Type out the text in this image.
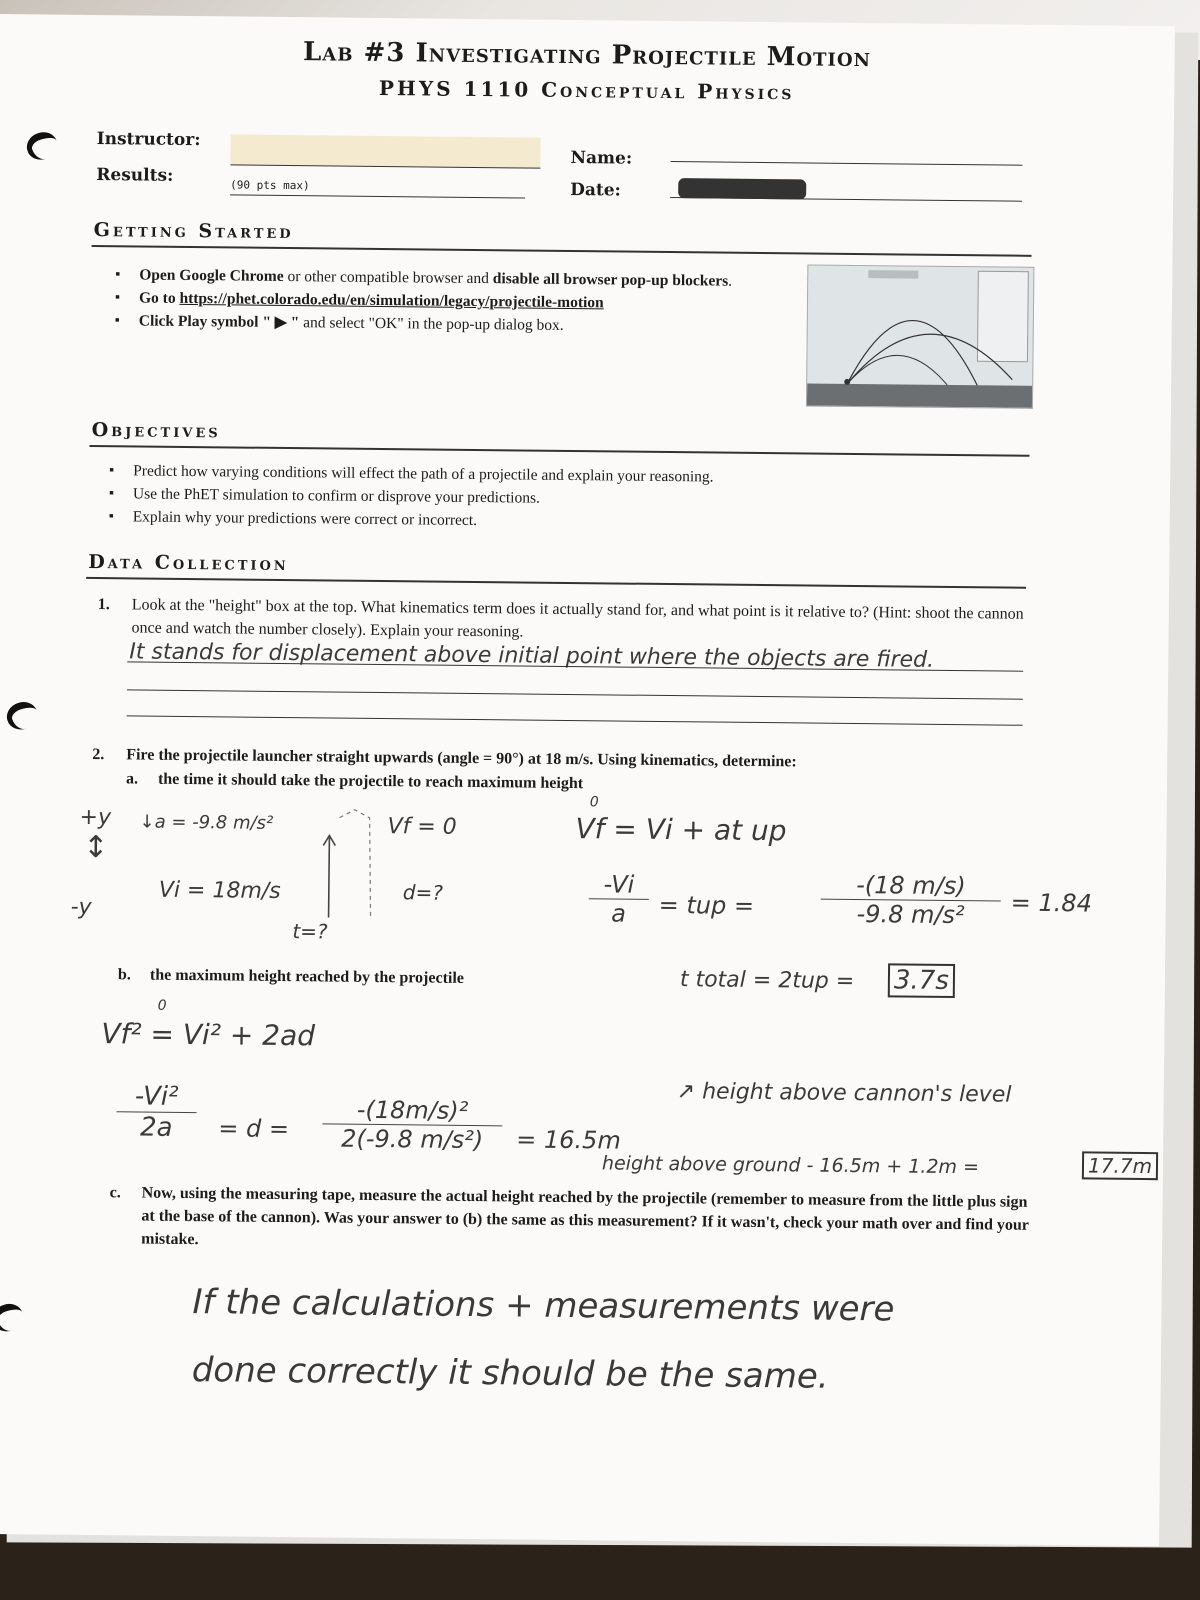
Lab #3 Investigating Projectile Motion
PHYS 1110 Conceptual Physics
Instructor:
Results:	(90 pts max)
Name:
Date:
Getting Started
▪ Open Google Chrome or other compatible browser and disable all browser pop-up blockers.
▪ Go to https://phet.colorado.edu/en/simulation/legacy/projectile-motion
▪ Click Play symbol " ▶ " and select "OK" in the pop-up dialog box.
Objectives
▪ Predict how varying conditions will effect the path of a projectile and explain your reasoning.
▪ Use the PhET simulation to confirm or disprove your predictions.
▪ Explain why your predictions were correct or incorrect.
Data Collection
1. Look at the "height" box at the top. What kinematics term does it actually stand for, and what point is it relative to? (Hint: shoot the cannon once and watch the number closely). Explain your reasoning.
It stands for displacement above initial point where the objects are fired.
2. Fire the projectile launcher straight upwards (angle = 90°) at 18 m/s. Using kinematics, determine:
a. the time it should take the projectile to reach maximum height
+y
↕
-y
↓a = -9.8 m/s²	Vf = 0
Vi = 18m/s	d=?
t=?
Vf = Vi + at up
0
$\frac{-Vi}{a}$ = tup =	$\frac{-(18 m/s)}{\text{-9.8 m/s²}} = 1.84$
b. the maximum height reached by the projectile	t total = 2tup = 3.7s
Vf² = Vi² + 2ad
0
$\frac{\text{-Vi²}}{2a} = d = \frac{\text{-(18m/s)²}}{\text{2(-9.8 m/s²)}} = 16.5m$
↗ height above cannon's level
height above ground - 16.5m + 1.2m =	17.7m
c. Now, using the measuring tape, measure the actual height reached by the projectile (remember to measure from the little plus sign at the base of the cannon). Was your answer to (b) the same as this measurement? If it wasn't, check your math over and find your mistake.
If the calculations + measurements were
done correctly it should be the same.
